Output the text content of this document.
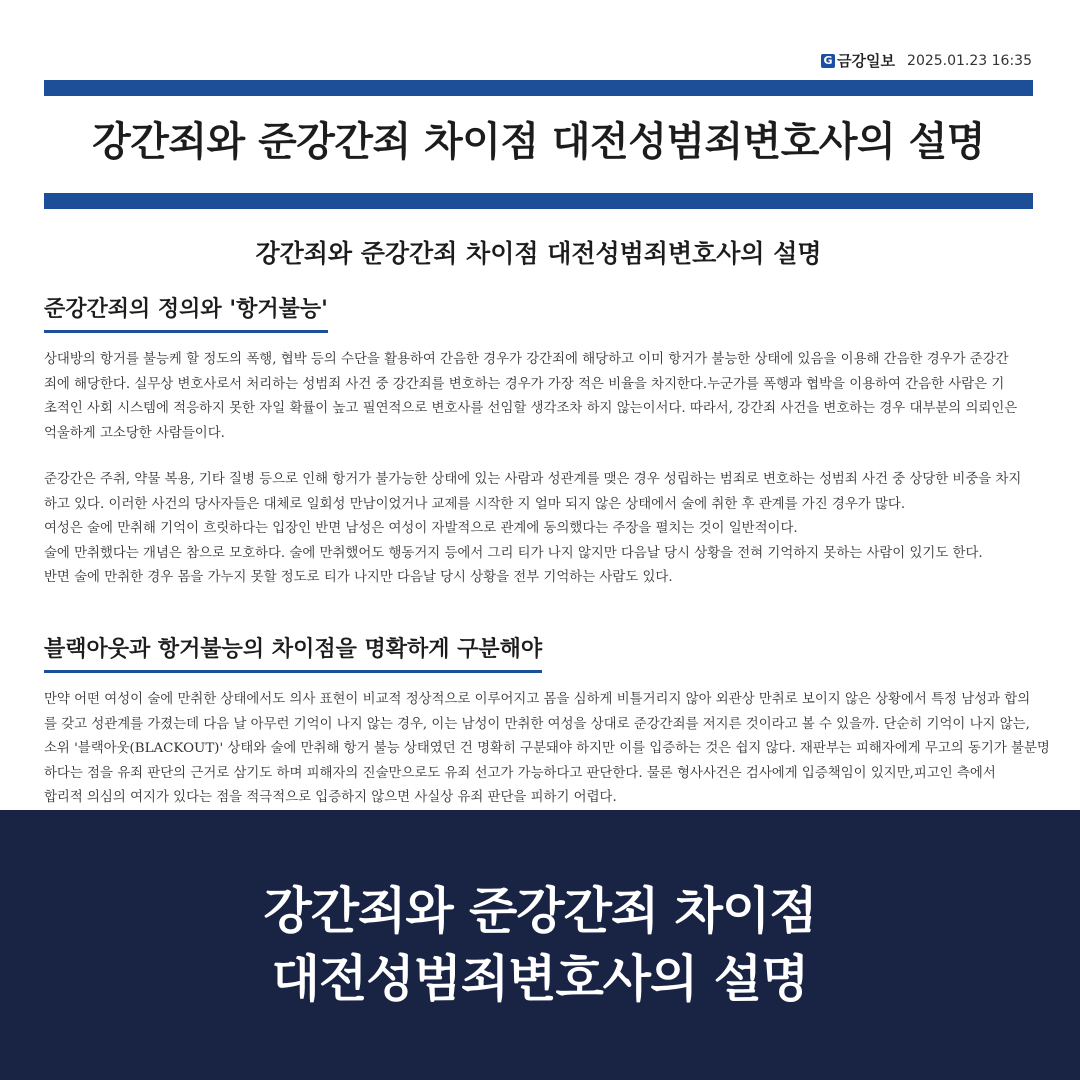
G 금강일보 2025.01.23 16:35
강간죄와 준강간죄 차이점 대전성범죄변호사의 설명
강간죄와 준강간죄 차이점 대전성범죄변호사의 설명
준강간죄의 정의와 '항거불능'

상대방의 항거를 불능케 할 정도의 폭행, 협박 등의 수단을 활용하여 간음한 경우가 강간죄에 해당하고 이미 항거가 불능한 상태에 있음을 이용해 간음한 경우가 준강간
죄에 해당한다. 실무상 변호사로서 처리하는 성범죄 사건 중 강간죄를 변호하는 경우가 가장 적은 비율을 차지한다.누군가를 폭행과 협박을 이용하여 간음한 사람은 기
초적인 사회 시스템에 적응하지 못한 자일 확률이 높고 필연적으로 변호사를 선임할 생각조차 하지 않는이서다. 따라서, 강간죄 사건을 변호하는 경우 대부분의 의뢰인은
억울하게 고소당한 사람들이다.

준강간은 주취, 약물 복용, 기타 질병 등으로 인해 항거가 불가능한 상태에 있는 사람과 성관계를 맺은 경우 성립하는 범죄로 변호하는 성범죄 사건 중 상당한 비중을 차지
하고 있다. 이러한 사건의 당사자들은 대체로 일회성 만남이었거나 교제를 시작한 지 얼마 되지 않은 상태에서 술에 취한 후 관계를 가진 경우가 많다.
여성은 술에 만취해 기억이 흐릿하다는 입장인 반면 남성은 여성이 자발적으로 관계에 동의했다는 주장을 펼치는 것이 일반적이다.
술에 만취했다는 개념은 참으로 모호하다. 술에 만취했어도 행동거지 등에서 그리 티가 나지 않지만 다음날 당시 상황을 전혀 기억하지 못하는 사람이 있기도 한다.
반면 술에 만취한 경우 몸을 가누지 못할 정도로 티가 나지만 다음날 당시 상황을 전부 기억하는 사람도 있다.

블랙아웃과 항거불능의 차이점을 명확하게 구분해야

만약 어떤 여성이 술에 만취한 상태에서도 의사 표현이 비교적 정상적으로 이루어지고 몸을 심하게 비틀거리지 않아 외관상 만취로 보이지 않은 상황에서 특정 남성과 합의
를 갖고 성관계를 가졌는데 다음 날 아무런 기억이 나지 않는 경우, 이는 남성이 만취한 여성을 상대로 준강간죄를 저지른 것이라고 볼 수 있을까. 단순히 기억이 나지 않는,
소위 '블랙아웃(BLACKOUT)' 상태와 술에 만취해 항거 불능 상태였던 건 명확히 구분돼야 하지만 이를 입증하는 것은 쉽지 않다. 재판부는 피해자에게 무고의 동기가 불분명
하다는 점을 유죄 판단의 근거로 삼기도 하며 피해자의 진술만으로도 유죄 선고가 가능하다고 판단한다. 물론 형사사건은 검사에게 입증책임이 있지만,피고인 측에서
합리적 의심의 여지가 있다는 점을 적극적으로 입증하지 않으면 사실상 유죄 판단을 피하기 어렵다.

강간죄와 준강간죄 차이점
대전성범죄변호사의 설명
